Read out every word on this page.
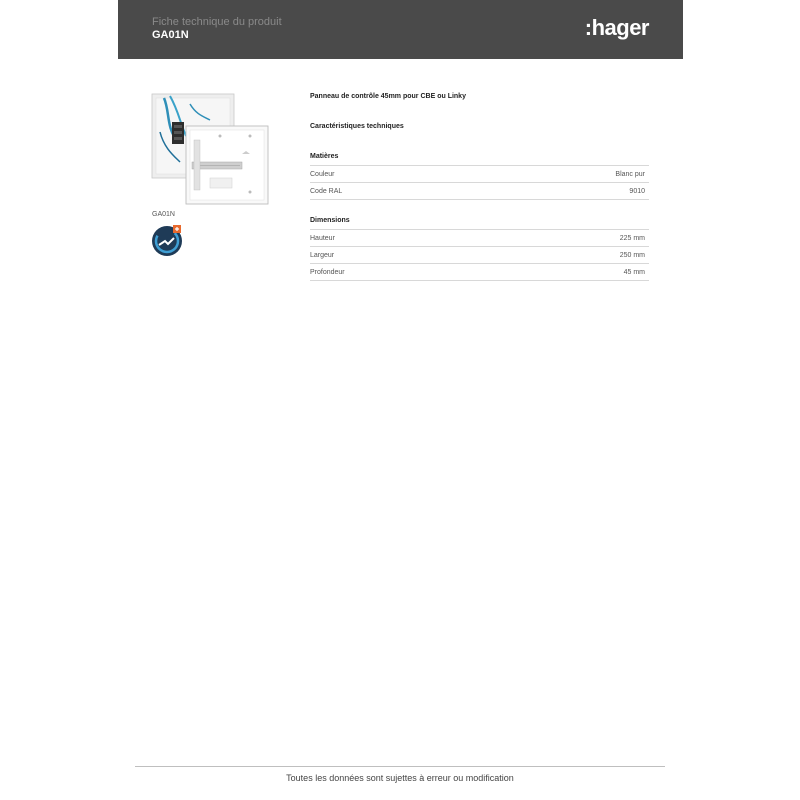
Fiche technique du produit
GA01N	:hager
GA01N
Panneau de contrôle 45mm pour CBE ou Linky
Caractéristiques techniques
Matières
Couleur	Blanc pur
Code RAL	9010
Dimensions
Hauteur	225 mm
Largeur	250 mm
Profondeur	45 mm
Toutes les données sont sujettes à erreur ou modification
